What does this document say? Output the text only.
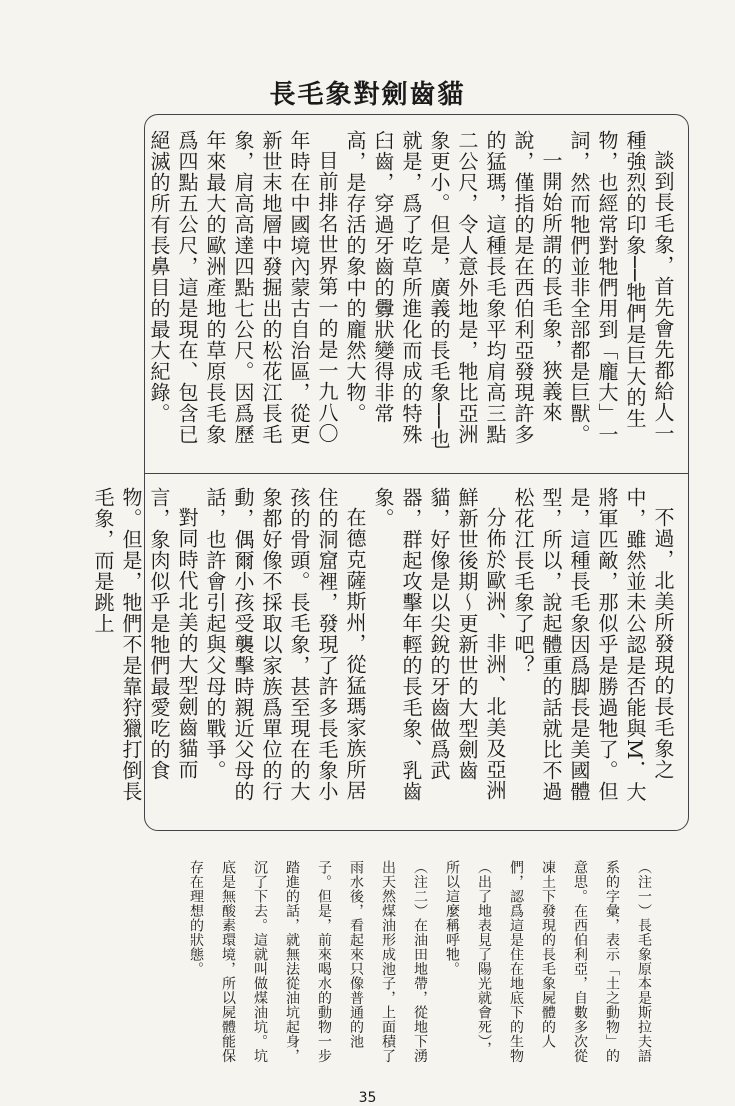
長毛象對劍齒貓

談到長毛象，首先會先都給人一種強烈的印象──牠們是巨大的生物，也經常對牠們用到「龐大」一詞，然而牠們並非全部都是巨獸。

一開始所謂的長毛象，狹義來說，僅指的是在西伯利亞發現許多的猛瑪，這種長毛象平均肩高三點二公尺，令人意外地是，牠比亞洲象更小。但是，廣義的長毛象──也就是，爲了吃草所進化而成的特殊臼齒，穿過牙齒的釁狀變得非常高，是存活的象中的龐然大物。

目前排名世界第一的是一九八〇年時在中國境內蒙古自治區，從更新世末地層中發掘出的松花江長毛象，肩高高達四點七公尺。因爲歷年來最大的歐洲產地的草原長毛象爲四點五公尺，這是現在、包含已絕滅的所有長鼻目的最大紀錄。

不過，北美所發現的長毛象之中，雖然並未公認是否能與M．大將軍匹敵，那似乎是勝過牠了。但是，這種長毛象因爲脚長是美國體型，所以，說起體重的話就比不過松花江長毛象了吧？

分佈於歐洲、非洲、北美及亞洲鮮新世後期～更新世的大型劍齒貓，好像是以尖銳的牙齒做爲武器，群起攻擊年輕的長毛象、乳齒象。

在德克薩斯州，從猛瑪家族所居住的洞窟裡，發現了許多長毛象小孩的骨頭。長毛象，甚至現在的大象都好像不採取以家族爲單位的行動，偶爾小孩受襲擊時親近父母的話，也許會引起與父母的戰爭。

對同時代北美的大型劍齒貓而言，象肉似乎是牠們最愛吃的食物。但是，牠們不是靠狩獵打倒長毛象，而是跳上

（注一）長毛象原本是斯拉夫語系的字彙，表示「土之動物」的意思。在西伯利亞，自數多次從凍土下發現的長毛象屍體的人們，認爲這是住在地底下的生物（出了地表見了陽光就會死），所以這麼稱呼牠。

（注二）在油田地帶，從地下湧出天然煤油形成池子，上面積了雨水後，看起來只像普通的池子。但是，前來喝水的動物一步踏進的話，就無法從油坑起身，沉了下去。這就叫做煤油坑。坑底是無酸素環境，所以屍體能保存在理想的狀態。

35
